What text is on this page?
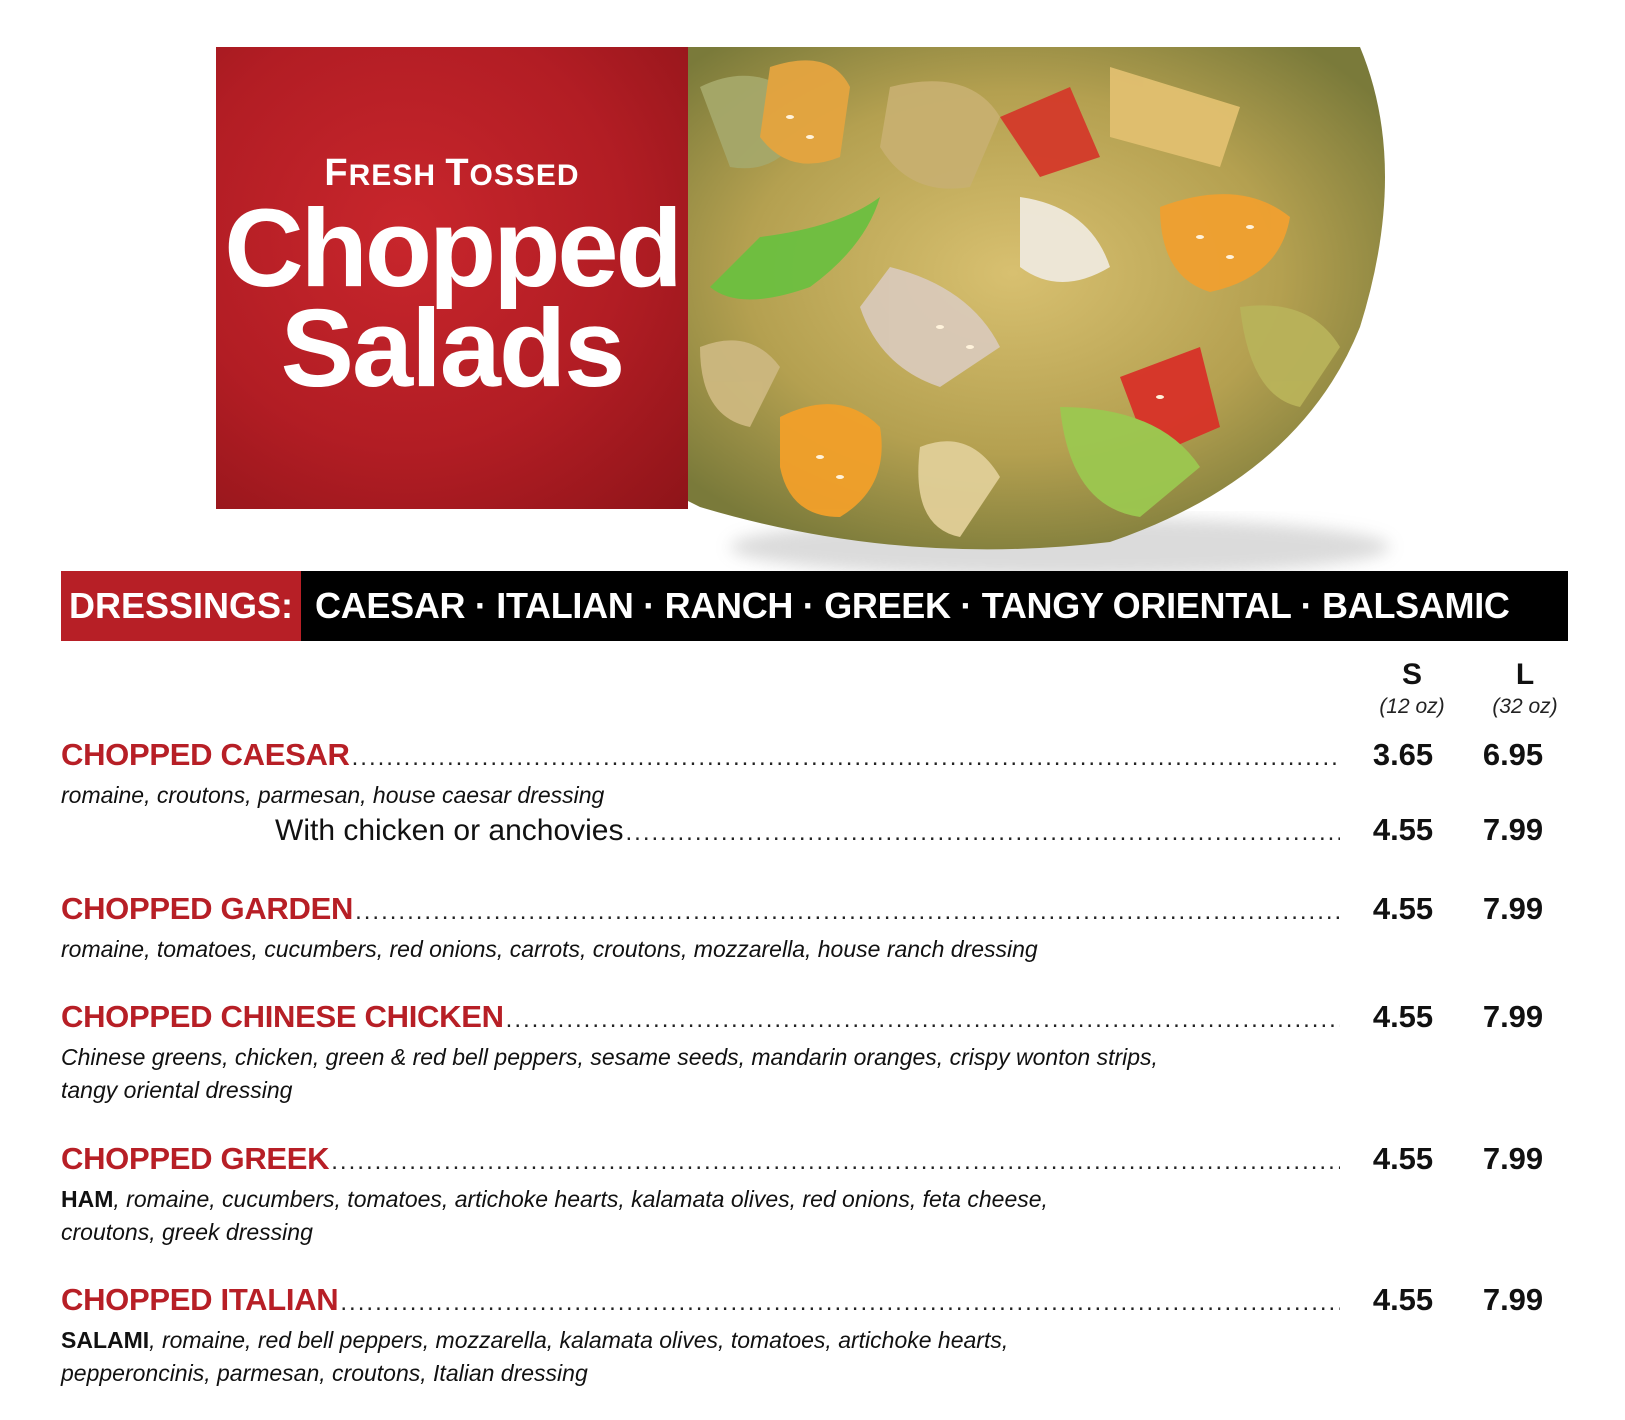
FRESH TOSSED
Chopped
Salads
DRESSINGS: CAESAR · ITALIAN · RANCH · GREEK · TANGY ORIENTAL · BALSAMIC
S
(12 oz)
L
(32 oz)
CHOPPED CAESAR .....	3.65	6.95
romaine, croutons, parmesan, house caesar dressing
With chicken or anchovies .....	4.55	7.99
CHOPPED GARDEN .....	4.55	7.99
romaine, tomatoes, cucumbers, red onions, carrots, croutons, mozzarella, house ranch dressing
CHOPPED CHINESE CHICKEN .....	4.55	7.99
Chinese greens, chicken, green & red bell peppers, sesame seeds, mandarin oranges, crispy wonton strips,
tangy oriental dressing
CHOPPED GREEK .....	4.55	7.99
HAM, romaine, cucumbers, tomatoes, artichoke hearts, kalamata olives, red onions, feta cheese,
croutons, greek dressing
CHOPPED ITALIAN .....	4.55	7.99
SALAMI, romaine, red bell peppers, mozzarella, kalamata olives, tomatoes, artichoke hearts,
pepperoncinis, parmesan, croutons, Italian dressing
